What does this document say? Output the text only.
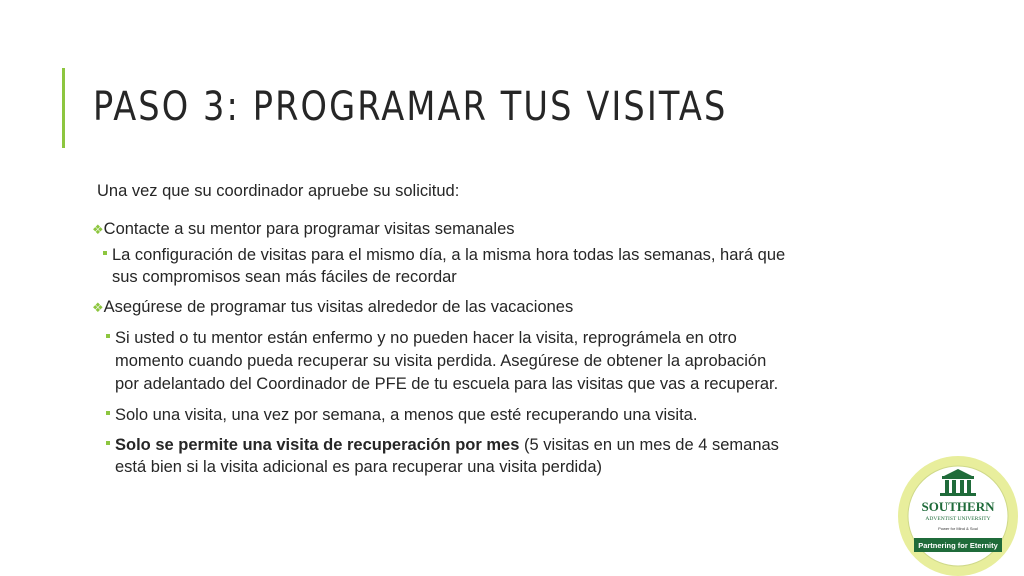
PASO 3: PROGRAMAR TUS VISITAS
Una vez que su coordinador apruebe su solicitud:
❖Contacte a su mentor para programar visitas semanales
La configuración de visitas para el mismo día, a la misma hora todas las semanas, hará que
sus compromisos sean más fáciles de recordar
❖Asegúrese de programar tus visitas alrededor de las vacaciones
Si usted o tu mentor están enfermo y no pueden hacer la visita, reprográmela en otro
momento cuando pueda recuperar su visita perdida. Asegúrese de obtener la aprobación
por adelantado del Coordinador de PFE de tu escuela para las visitas que vas a recuperar.
Solo una visita, una vez por semana, a menos que esté recuperando una visita.
Solo se permite una visita de recuperación por mes (5 visitas en un mes de 4 semanas
está bien si la visita adicional es para recuperar una visita perdida)
SOUTHERN
ADVENTIST UNIVERSITY
Power for Mind & Soul
Partnering for Eternity
